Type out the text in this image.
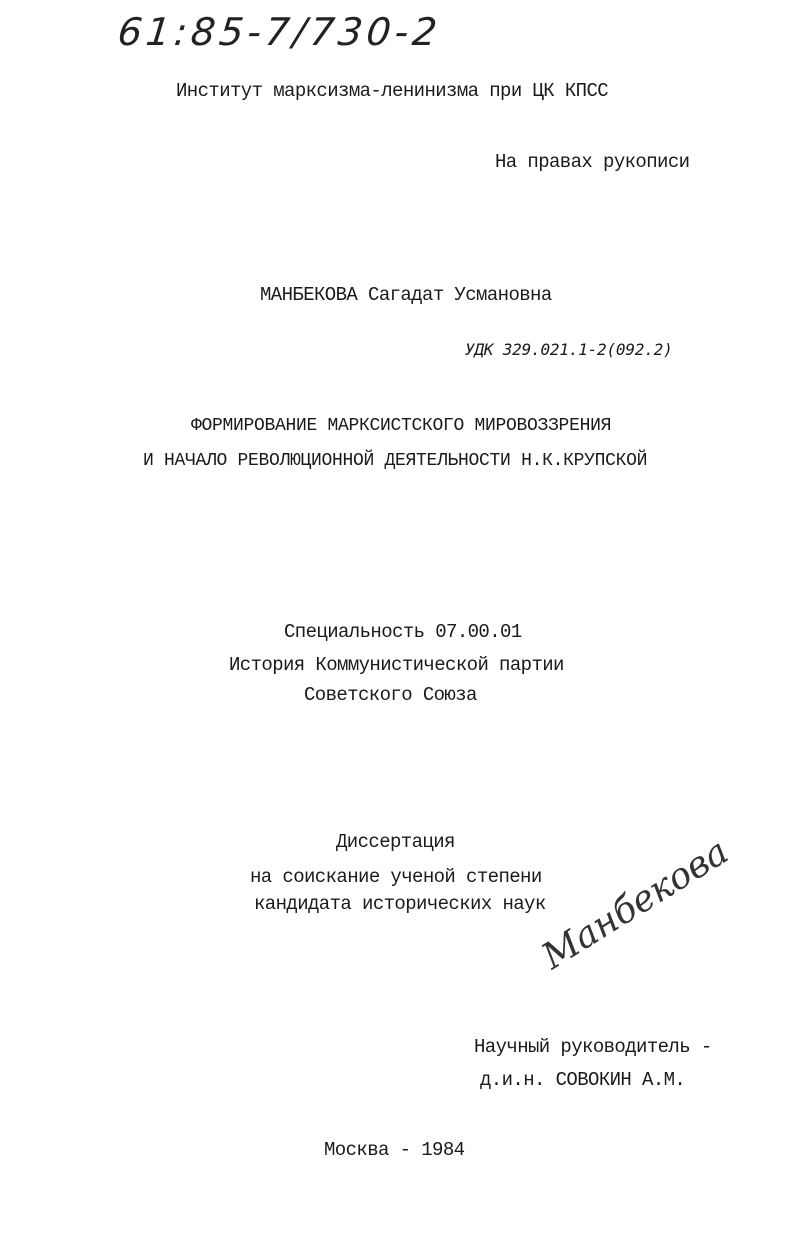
61:85-7/730-2
Институт марксизма-ленинизма при ЦК КПСС
На правах рукописи
МАНБЕКОВА Сагадат Усмановна
УДК 329.021.1-2(092.2)
ФОРМИРОВАНИЕ МАРКСИСТСКОГО МИРОВОЗЗРЕНИЯ
И НАЧАЛО РЕВОЛЮЦИОННОЙ ДЕЯТЕЛЬНОСТИ Н.К.КРУПСКОЙ
Специальность 07.00.01
История Коммунистической партии
Советского Союза
Диссертация
на соискание ученой степени
кандидата исторических наук
Манбекова
Научный руководитель -
д.и.н. СОВОКИН А.М.
Москва - 1984
